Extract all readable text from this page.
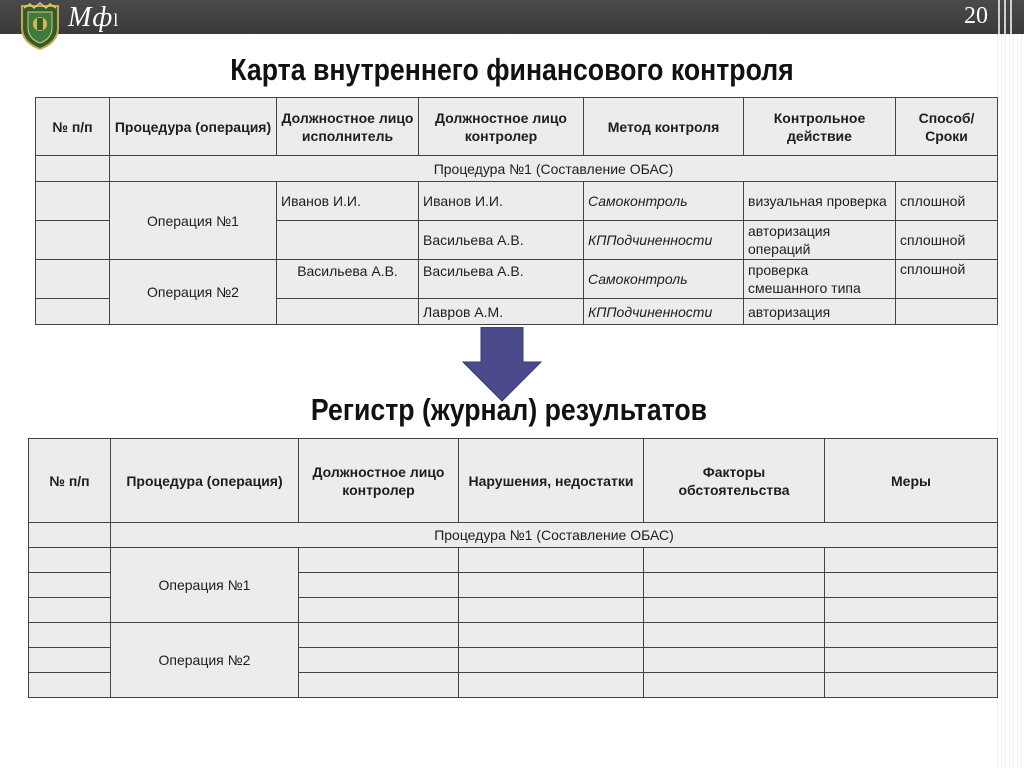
Мфl	20
Карта внутреннего финансового контроля
№ п/п	Процедура (операция)	Должностное лицо исполнитель	Должностное лицо контролер	Метод контроля	Контрольное действие	Способ/ Сроки
	Процедура №1 (Составление ОБАС)					
	Операция №1	Иванов И.И.	Иванов И.И.	Самоконтроль	визуальная проверка	сплошной
			Васильева А.В.	КППодчиненности	авторизация операций	сплошной
	Операция №2	Васильева А.В.	Васильева А.В.	Самоконтроль	проверка смешанного типа	сплошной
			Лавров А.М.	КППодчиненности	авторизация	
Регистр (журнал) результатов
№ п/п	Процедура (операция)	Должностное лицо контролер	Нарушения, недостатки	Факторы обстоятельства	Меры
	Процедура №1 (Составление ОБАС)				
	Операция №1				

	Операция №2				
